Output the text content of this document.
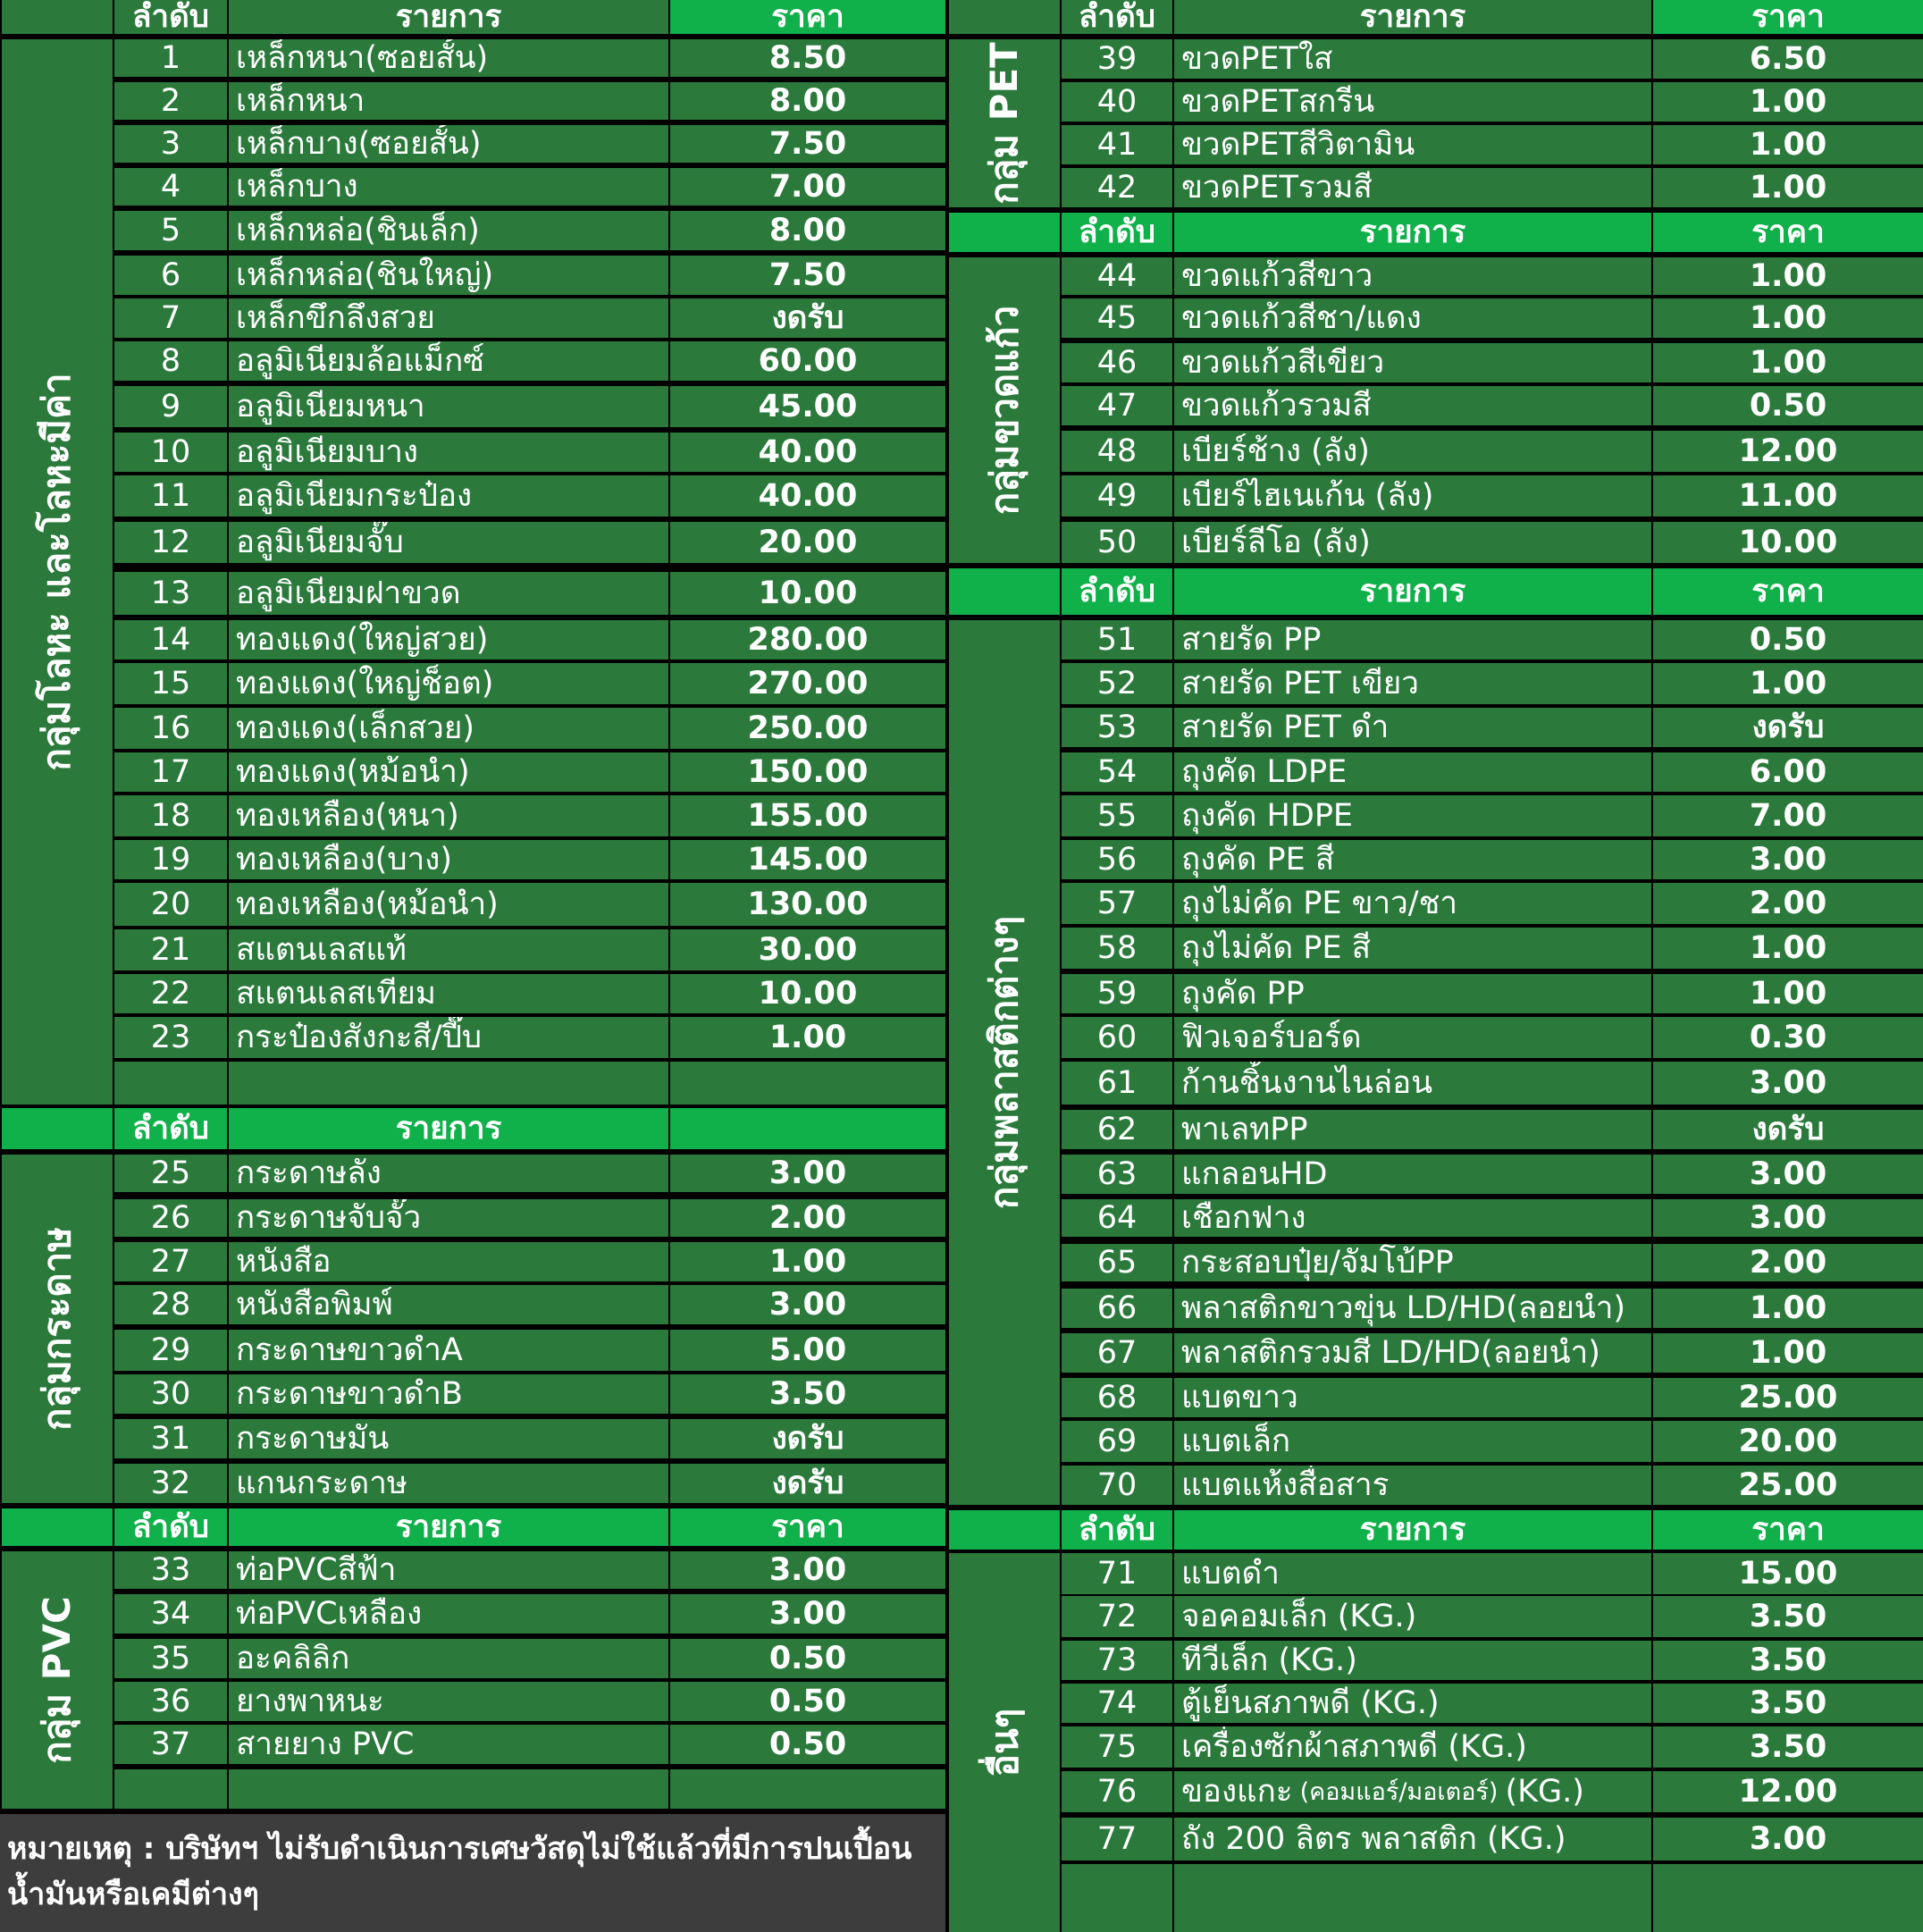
ลำดับ	รายการ	ราคา
1	เหล็กหนา(ซอยสั้น)	8.50
2	เหล็กหนา	8.00
3	เหล็กบาง(ซอยสั้น)	7.50
4	เหล็กบาง	7.00
5	เหล็กหล่อ(ชินเล็ก)	8.00
6	เหล็กหล่อ(ชินใหญ่)	7.50
7	เหล็กขึกลึงสวย	งดรับ
8	อลูมิเนียมล้อแม็กซ์	60.00
9	อลูมิเนียมหนา	45.00
10	อลูมิเนียมบาง	40.00
11	อลูมิเนียมกระป๋อง	40.00
12	อลูมิเนียมจั๊บ	20.00
13	อลูมิเนียมฝาขวด	10.00
14	ทองแดง(ใหญ่สวย)	280.00
15	ทองแดง(ใหญ่ช็อต)	270.00
16	ทองแดง(เล็กสวย)	250.00
17	ทองแดง(หม้อนำ)	150.00
18	ทองเหลือง(หนา)	155.00
19	ทองเหลือง(บาง)	145.00
20	ทองเหลือง(หม้อนำ)	130.00
21	สแตนเลสแท้	30.00
22	สแตนเลสเทียม	10.00
23	กระป๋องสังกะสี/ปี๊บ	1.00
25	กระดาษลัง	3.00
26	กระดาษจับจั๊ว	2.00
27	หนังสือ	1.00
28	หนังสือพิมพ์	3.00
29	กระดาษขาวดำA	5.00
30	กระดาษขาวดำB	3.50
31	กระดาษมัน	งดรับ
32	แกนกระดาษ	งดรับ
33	ท่อPVCสีฟ้า	3.00
34	ท่อPVCเหลือง	3.00
35	อะคลิลิก	0.50
36	ยางพาหนะ	0.50
37	สายยาง PVC	0.50
ลำดับ	รายการ
ลำดับ	รายการ	ราคา
กลุ่มโลหะ และโลหะมีค่า
กลุ่มกระดาษ
กลุ่ม PVC
หมายเหตุ : บริษัทฯ ไม่รับดำเนินการเศษวัสดุไม่ใช้แล้วที่มีการปนเปื้อนน้ำมันหรือเคมีต่างๆ
ลำดับ	รายการ	ราคา
39	ขวดPETใส	6.50
40	ขวดPETสกรีน	1.00
41	ขวดPETสีวิตามิน	1.00
42	ขวดPETรวมสี	1.00
44	ขวดแก้วสีขาว	1.00
45	ขวดแก้วสีชา/แดง	1.00
46	ขวดแก้วสีเขียว	1.00
47	ขวดแก้วรวมสี	0.50
48	เบียร์ช้าง (ลัง)	12.00
49	เบียร์ไฮเนเก้น (ลัง)	11.00
50	เบียร์ลีโอ (ลัง)	10.00
51	สายรัด PP	0.50
52	สายรัด PET เขียว	1.00
53	สายรัด PET ดำ	งดรับ
54	ถุงคัด LDPE	6.00
55	ถุงคัด HDPE	7.00
56	ถุงคัด PE สี	3.00
57	ถุงไม่คัด PE ขาว/ชา	2.00
58	ถุงไม่คัด PE สี	1.00
59	ถุงคัด PP	1.00
60	ฟิวเจอร์บอร์ด	0.30
61	ก้านชิ้นงานไนล่อน	3.00
62	พาเลทPP	งดรับ
63	แกลอนHD	3.00
64	เชือกฟาง	3.00
65	กระสอบปุ๋ย/จัมโบ้PP	2.00
66	พลาสติกขาวขุ่น LD/HD(ลอยนำ)	1.00
67	พลาสติกรวมสี LD/HD(ลอยนำ)	1.00
68	แบตขาว	25.00
69	แบตเล็ก	20.00
70	แบตแห้งสื่อสาร	25.00
71	แบตดำ	15.00
72	จอคอมเล็ก (KG.)	3.50
73	ทีวีเล็ก (KG.)	3.50
74	ตู้เย็นสภาพดี (KG.)	3.50
75	เครื่องซักผ้าสภาพดี (KG.)	3.50
76	ของแกะ (คอมแอร์/มอเตอร์) (KG.)	12.00
77	ถัง 200 ลิตร พลาสติก (KG.)	3.00
ลำดับ	รายการ	ราคา
ลำดับ	รายการ	ราคา
ลำดับ	รายการ	ราคา
กลุ่ม PET
กลุ่มขวดแก้ว
กลุ่มพลาสติกต่างๆ
อื่นๆ
